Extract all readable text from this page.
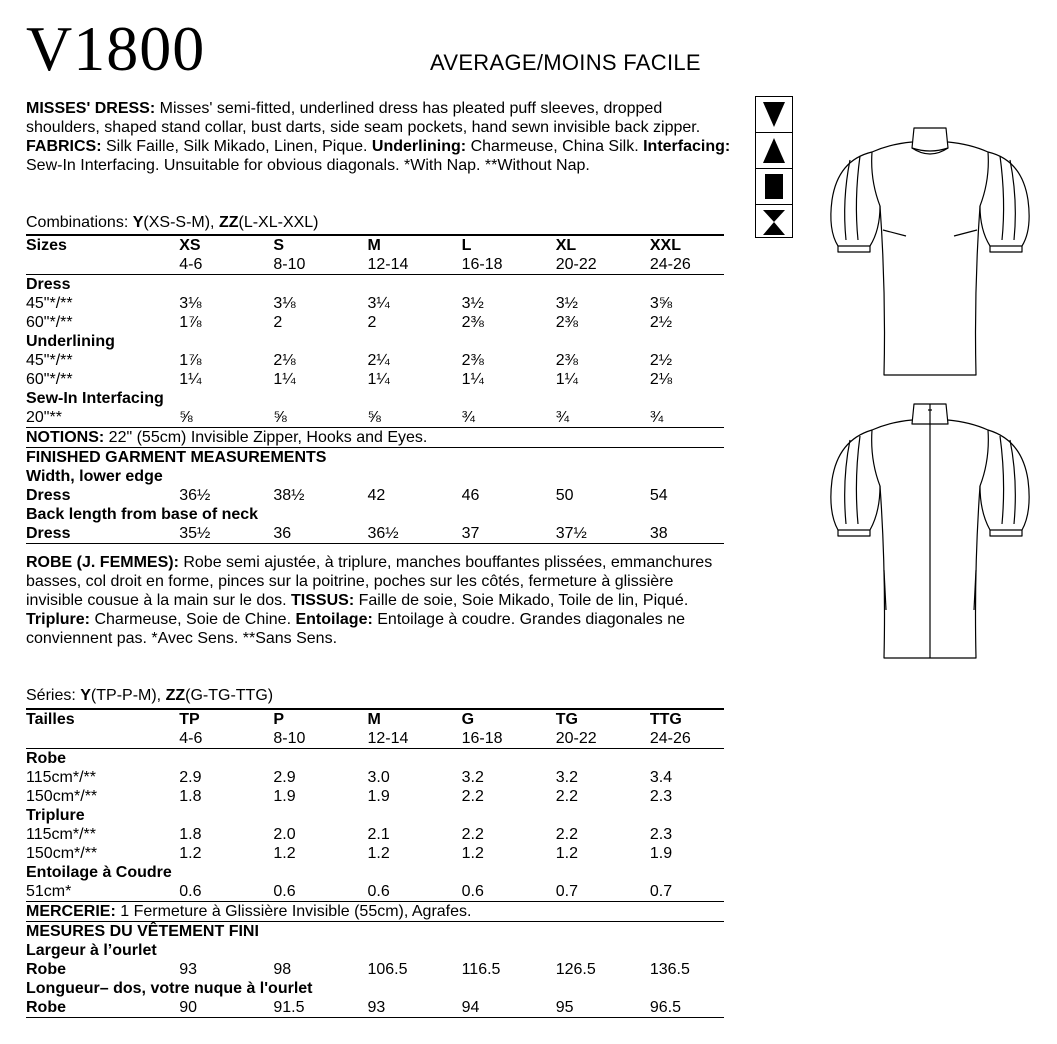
V1800	AVERAGE/MOINS FACILE
MISSES' DRESS: Misses' semi-fitted, underlined dress has pleated puff sleeves, dropped shoulders, shaped stand collar, bust darts, side seam pockets, hand sewn invisible back zipper. FABRICS: Silk Faille, Silk Mikado, Linen, Pique. Underlining: Charmeuse, China Silk. Interfacing: Sew-In Interfacing. Unsuitable for obvious diagonals. *With Nap. **Without Nap.
Combinations: Y(XS-S-M), ZZ(L-XL-XXL)
Sizes	XS	S	M	L	XL	XXL
	4-6	8-10	12-14	16-18	20-22	24-26
Dress						
45"*/**	3⅛	3⅛	3¼	3½	3½	3⅝
60"*/**	1⅞	2	2	2⅜	2⅜	2½
Underlining						
45"*/**	1⅞	2⅛	2¼	2⅜	2⅜	2½
60"*/**	1¼	1¼	1¼	1¼	1¼	2⅛
Sew-In Interfacing						
20"**	⅝	⅝	⅝	¾	¾	¾
NOTIONS: 22" (55cm) Invisible Zipper, Hooks and Eyes.						
FINISHED GARMENT MEASUREMENTS						
Width, lower edge						
Dress	36½	38½	42	46	50	54
Back length from base of neck						
Dress	35½	36	36½	37	37½	38
ROBE (J. FEMMES): Robe semi ajustée, à triplure, manches bouffantes plissées, emmanchures basses, col droit en forme, pinces sur la poitrine, poches sur les côtés, fermeture à glissière invisible cousue à la main sur le dos. TISSUS: Faille de soie, Soie Mikado, Toile de lin, Piqué. Triplure: Charmeuse, Soie de Chine. Entoilage: Entoilage à coudre. Grandes diagonales ne conviennent pas. *Avec Sens. **Sans Sens.
Séries: Y(TP-P-M), ZZ(G-TG-TTG)
Tailles	TP	P	M	G	TG	TTG
	4-6	8-10	12-14	16-18	20-22	24-26
Robe						
115cm*/**	2.9	2.9	3.0	3.2	3.2	3.4
150cm*/**	1.8	1.9	1.9	2.2	2.2	2.3
Triplure						
115cm*/**	1.8	2.0	2.1	2.2	2.2	2.3
150cm*/**	1.2	1.2	1.2	1.2	1.2	1.9
Entoilage à Coudre						
51cm*	0.6	0.6	0.6	0.6	0.7	0.7
MERCERIE: 1 Fermeture à Glissière Invisible (55cm), Agrafes.						
MESURES DU VÊTEMENT FINI						
Largeur à l’ourlet						
Robe	93	98	106.5	116.5	126.5	136.5
Longueur– dos, votre nuque à l'ourlet						
Robe	90	91.5	93	94	95	96.5
